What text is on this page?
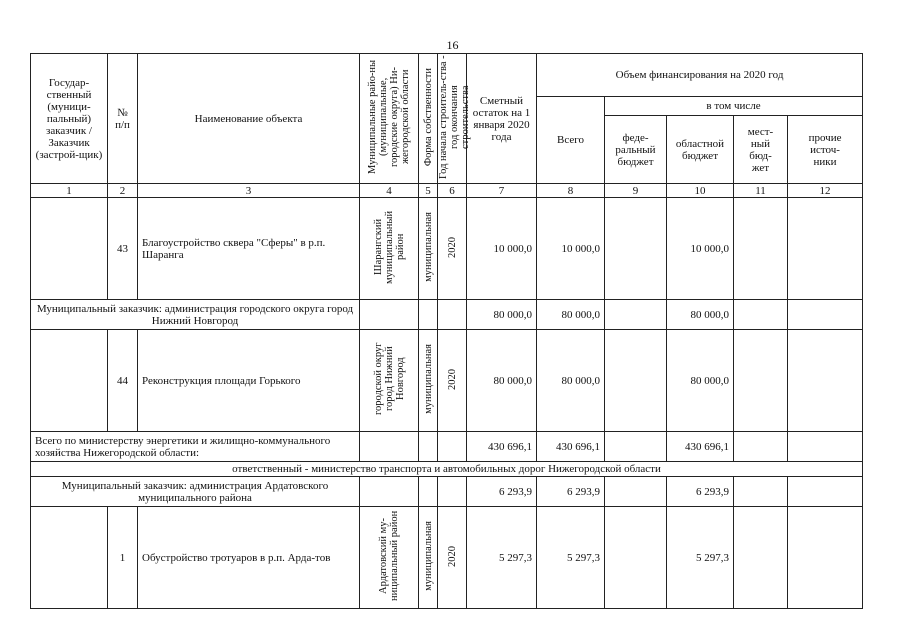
16
Государ-ственный (муници-пальный) заказчик / Заказчик (застрой-щик)	№ п/п	Наименование объекта	Муниципальные райо-ны (муниципальные, городские округа) Ни-жегородской области	Форма собственности	Год начала строитель-ства - год окончания строительства	Сметный остаток на 1 января 2020 года	Объем финансирования на 2020 год				
							Всего	в том числе			
								феде-ральный бюджет	областной бюджет	мест-ный бюд-жет	прочие источ-ники
1	2	3	4	5	6	7	8	9	10	11	12
	43	Благоустройство сквера "Сферы" в р.п. Шаранга	Шарангский муниципальный район	муниципальная	2020	10 000,0	10 000,0		10 000,0		
Муниципальный заказчик: администрация городского округа город Нижний Новгород						80 000,0	80 000,0		80 000,0		
	44	Реконструкция площади Горького	городской округ город Нижний Новгород	муниципальная	2020	80 000,0	80 000,0		80 000,0		
Всего по министерству энергетики и жилищно-коммунального хозяйства Нижегородской области:						430 696,1	430 696,1		430 696,1		
ответственный - министерство транспорта и автомобильных дорог Нижегородской области											
Муниципальный заказчик: администрация Ардатовского муниципального района						6 293,9	6 293,9		6 293,9		
	1	Обустройство тротуаров в р.п. Арда-тов	Ардатовский му-ниципальный район	муниципальная	2020	5 297,3	5 297,3		5 297,3		
